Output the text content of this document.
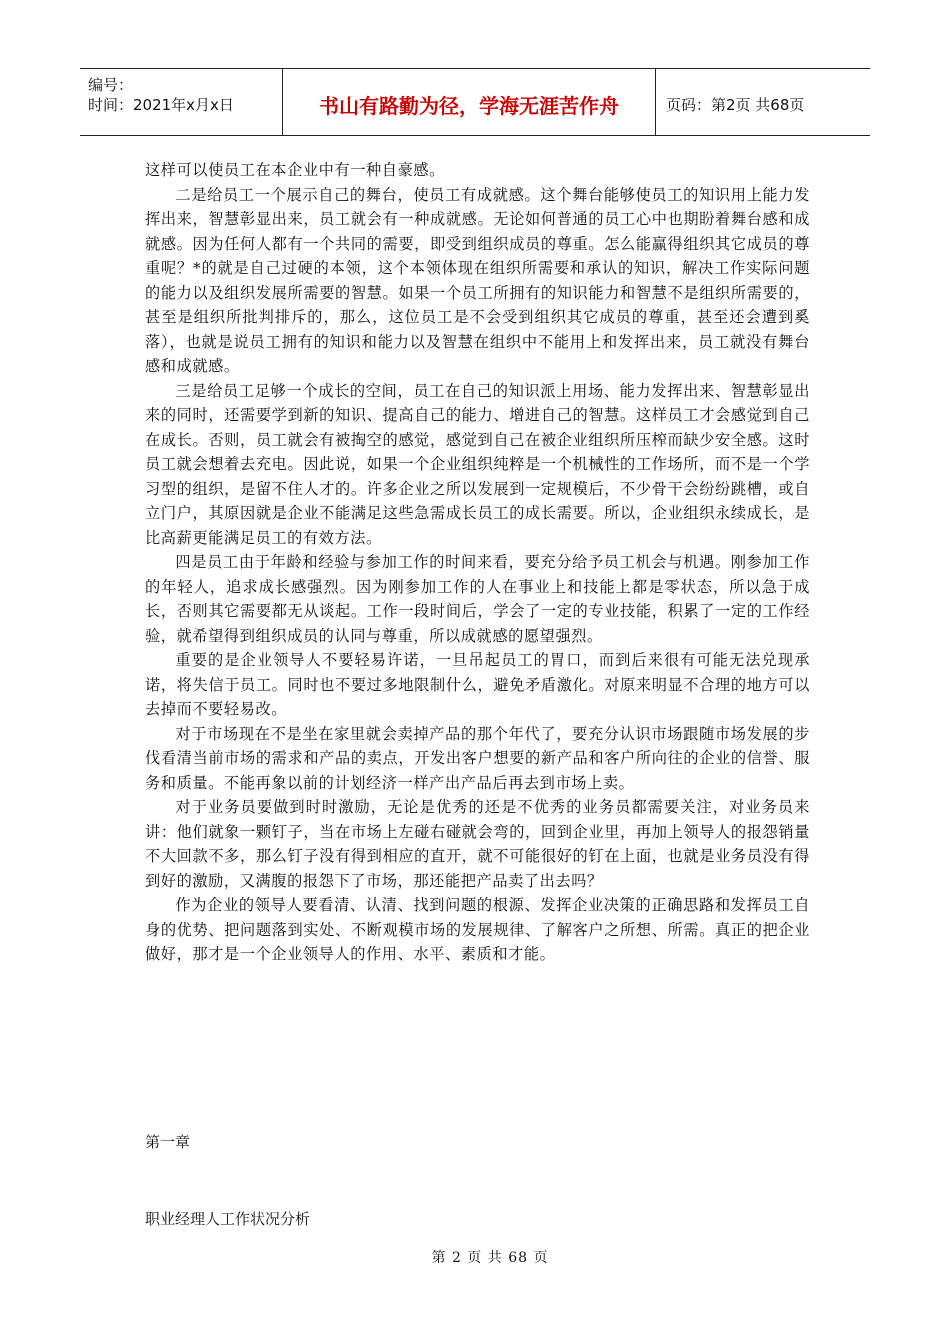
编号：
时间：2021年x月x日	书山有路勤为径，学海无涯苦作舟	页码：第2页 共68页

这样可以使员工在本企业中有一种自豪感。

二是给员工一个展示自己的舞台，使员工有成就感。这个舞台能够使员工的知识用上能力发挥出来，智慧彰显出来，员工就会有一种成就感。无论如何普通的员工心中也期盼着舞台感和成就感。因为任何人都有一个共同的需要，即受到组织成员的尊重。怎么能赢得组织其它成员的尊重呢？*的就是自己过硬的本领，这个本领体现在组织所需要和承认的知识，解决工作实际问题的能力以及组织发展所需要的智慧。如果一个员工所拥有的知识能力和智慧不是组织所需要的，甚至是组织所批判排斥的，那么，这位员工是不会受到组织其它成员的尊重，甚至还会遭到奚落），也就是说员工拥有的知识和能力以及智慧在组织中不能用上和发挥出来，员工就没有舞台感和成就感。

三是给员工足够一个成长的空间，员工在自己的知识派上用场、能力发挥出来、智慧彰显出来的同时，还需要学到新的知识、提高自己的能力、增进自己的智慧。这样员工才会感觉到自己在成长。否则，员工就会有被掏空的感觉，感觉到自己在被企业组织所压榨而缺少安全感。这时员工就会想着去充电。因此说，如果一个企业组织纯粹是一个机械性的工作场所，而不是一个学习型的组织，是留不住人才的。许多企业之所以发展到一定规模后，不少骨干会纷纷跳槽，或自立门户，其原因就是企业不能满足这些急需成长员工的成长需要。所以，企业组织永续成长，是比高薪更能满足员工的有效方法。

四是员工由于年龄和经验与参加工作的时间来看，要充分给予员工机会与机遇。刚参加工作的年轻人，追求成长感强烈。因为刚参加工作的人在事业上和技能上都是零状态，所以急于成长，否则其它需要都无从谈起。工作一段时间后，学会了一定的专业技能，积累了一定的工作经验，就希望得到组织成员的认同与尊重，所以成就感的愿望强烈。

重要的是企业领导人不要轻易许诺，一旦吊起员工的胃口，而到后来很有可能无法兑现承诺，将失信于员工。同时也不要过多地限制什么，避免矛盾激化。对原来明显不合理的地方可以去掉而不要轻易改。

对于市场现在不是坐在家里就会卖掉产品的那个年代了，要充分认识市场跟随市场发展的步伐看清当前市场的需求和产品的卖点，开发出客户想要的新产品和客户所向往的企业的信誉、服务和质量。不能再象以前的计划经济一样产出产品后再去到市场上卖。

对于业务员要做到时时激励，无论是优秀的还是不优秀的业务员都需要关注，对业务员来讲：他们就象一颗钉子，当在市场上左碰右碰就会弯的，回到企业里，再加上领导人的报怨销量不大回款不多，那么钉子没有得到相应的直开，就不可能很好的钉在上面，也就是业务员没有得到好的激励，又满腹的报怨下了市场，那还能把产品卖了出去吗？

作为企业的领导人要看清、认清、找到问题的根源、发挥企业决策的正确思路和发挥员工自身的优势、把问题落到实处、不断观模市场的发展规律、了解客户之所想、所需。真正的把企业做好，那才是一个企业领导人的作用、水平、素质和才能。

第一章
职业经理人工作状况分析
第 2 页 共 68 页
